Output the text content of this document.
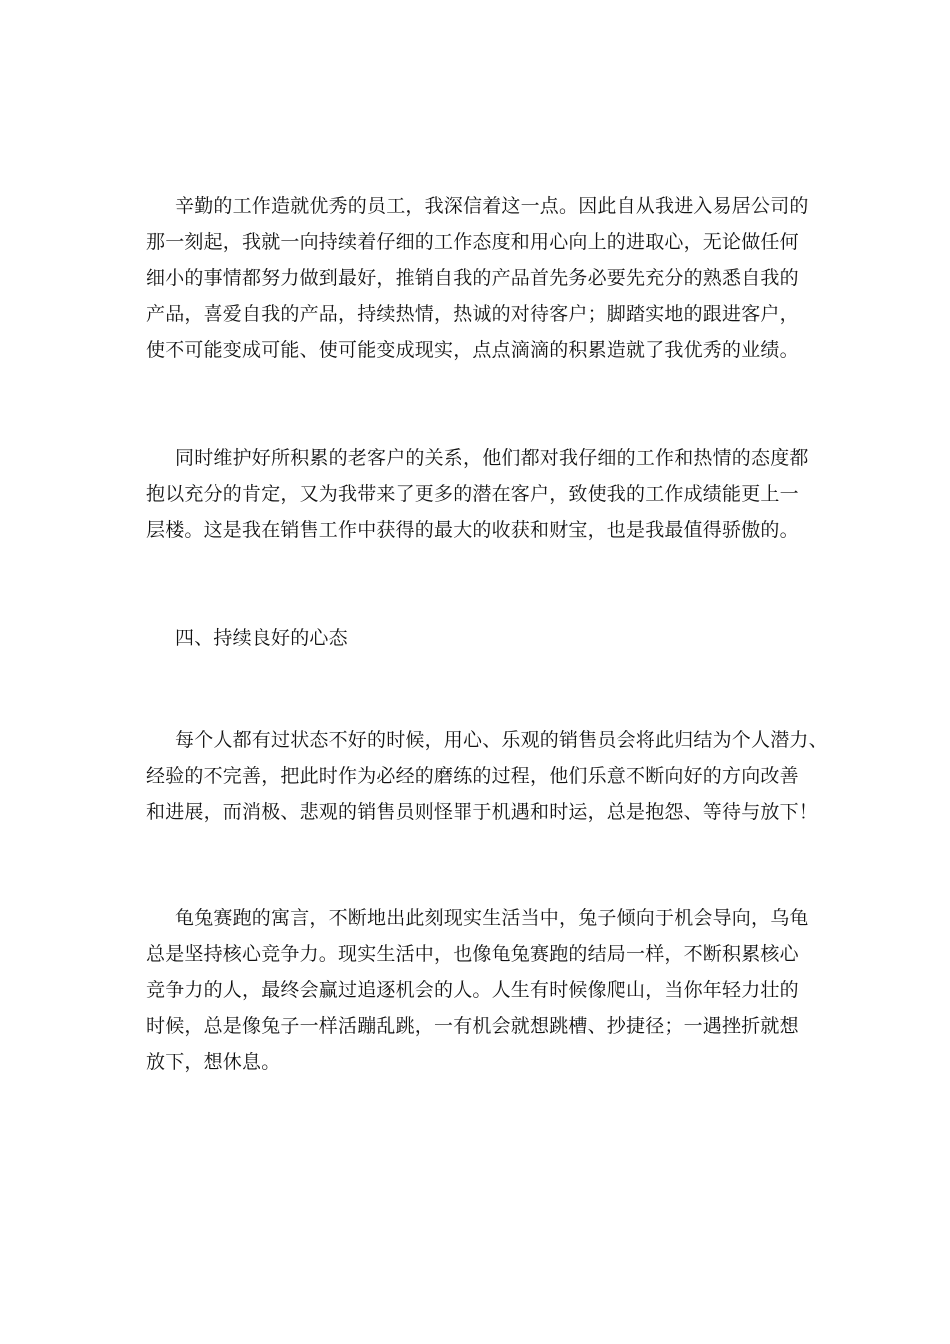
辛勤的工作造就优秀的员工，我深信着这一点。因此自从我进入易居公司的
那一刻起，我就一向持续着仔细的工作态度和用心向上的进取心，无论做任何
细小的事情都努力做到最好，推销自我的产品首先务必要先充分的熟悉自我的
产品，喜爱自我的产品，持续热情，热诚的对待客户；脚踏实地的跟进客户，
使不可能变成可能、使可能变成现实，点点滴滴的积累造就了我优秀的业绩。
同时维护好所积累的老客户的关系，他们都对我仔细的工作和热情的态度都
抱以充分的肯定，又为我带来了更多的潜在客户，致使我的工作成绩能更上一
层楼。这是我在销售工作中获得的最大的收获和财宝，也是我最值得骄傲的。
四、持续良好的心态
每个人都有过状态不好的时候，用心、乐观的销售员会将此归结为个人潜力、
经验的不完善，把此时作为必经的磨练的过程，他们乐意不断向好的方向改善
和进展，而消极、悲观的销售员则怪罪于机遇和时运，总是抱怨、等待与放下！
龟兔赛跑的寓言，不断地出此刻现实生活当中，兔子倾向于机会导向，乌龟
总是坚持核心竞争力。现实生活中，也像龟兔赛跑的结局一样，不断积累核心
竞争力的人，最终会赢过追逐机会的人。人生有时候像爬山，当你年轻力壮的
时候，总是像兔子一样活蹦乱跳，一有机会就想跳槽、抄捷径；一遇挫折就想
放下，想休息。
